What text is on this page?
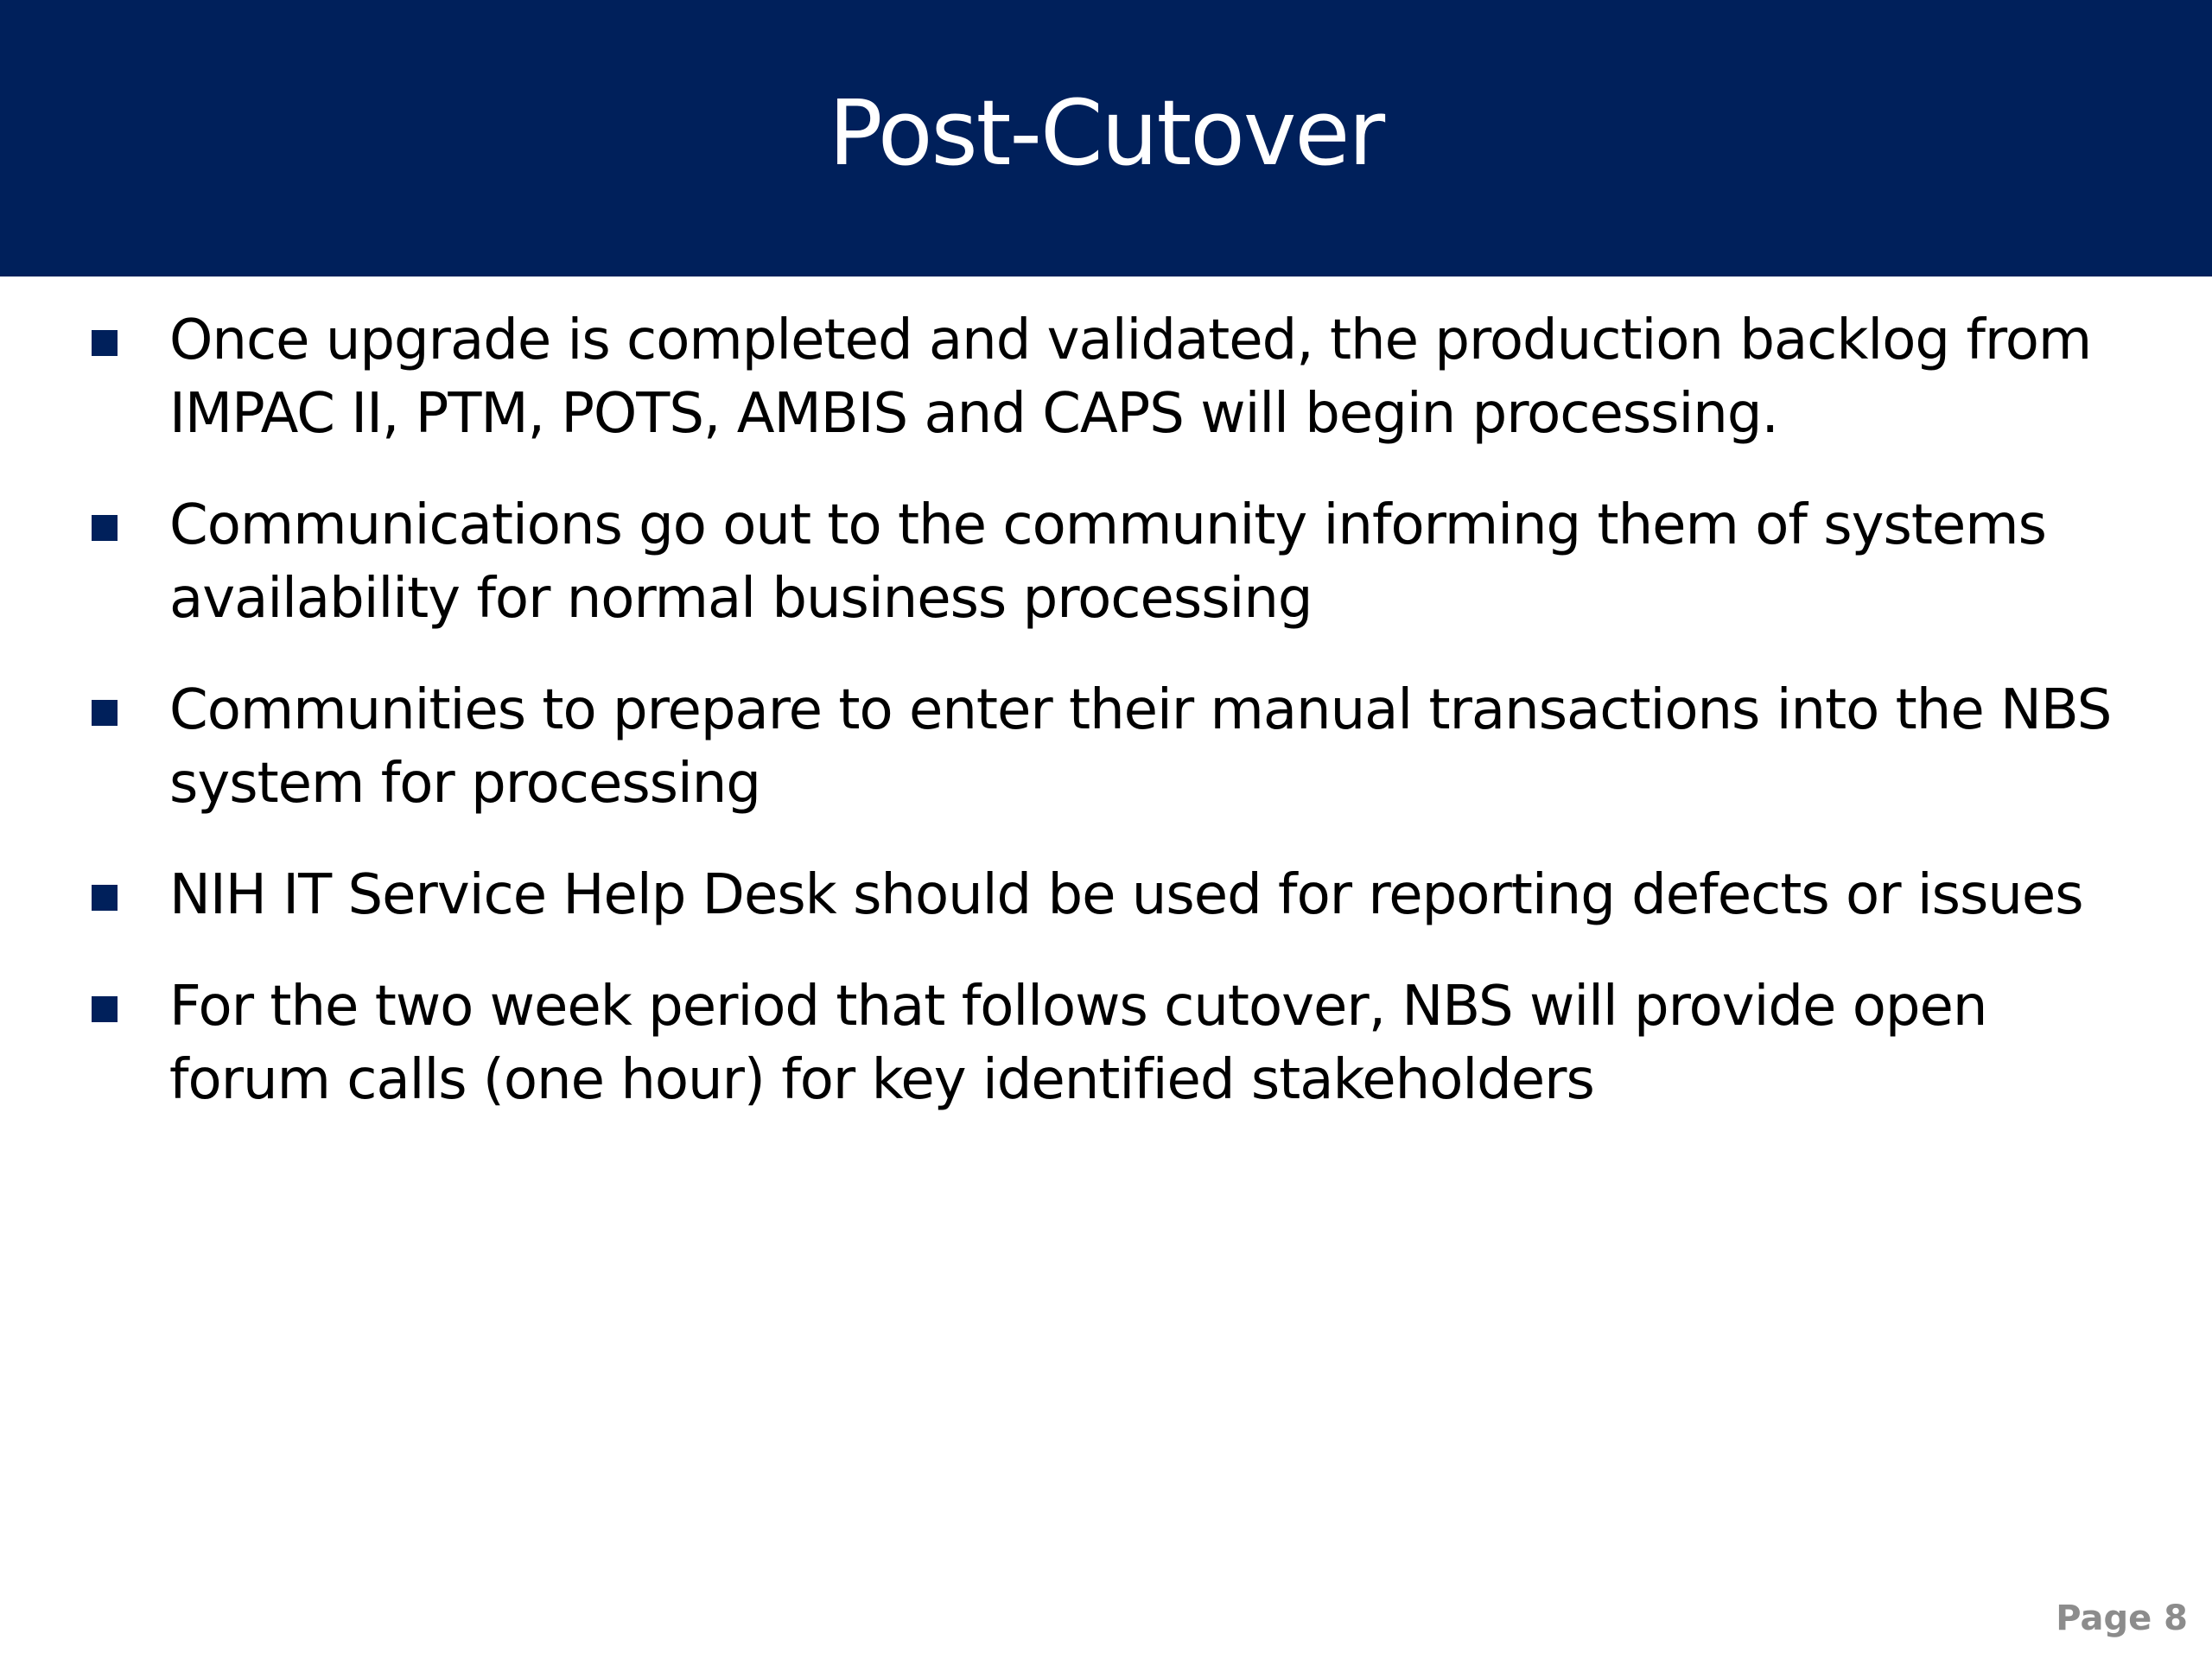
Post-Cutover
Once upgrade is completed and validated, the production backlog from IMPAC II, PTM, POTS, AMBIS and CAPS will begin processing.
Communications go out to the community informing them of systems availability for normal business processing
Communities to prepare to enter their manual transactions into the NBS system for processing
NIH IT Service Help Desk should be used for reporting defects or issues
For the two week period that follows cutover, NBS will provide open forum calls (one hour) for key identified stakeholders
Page 8
